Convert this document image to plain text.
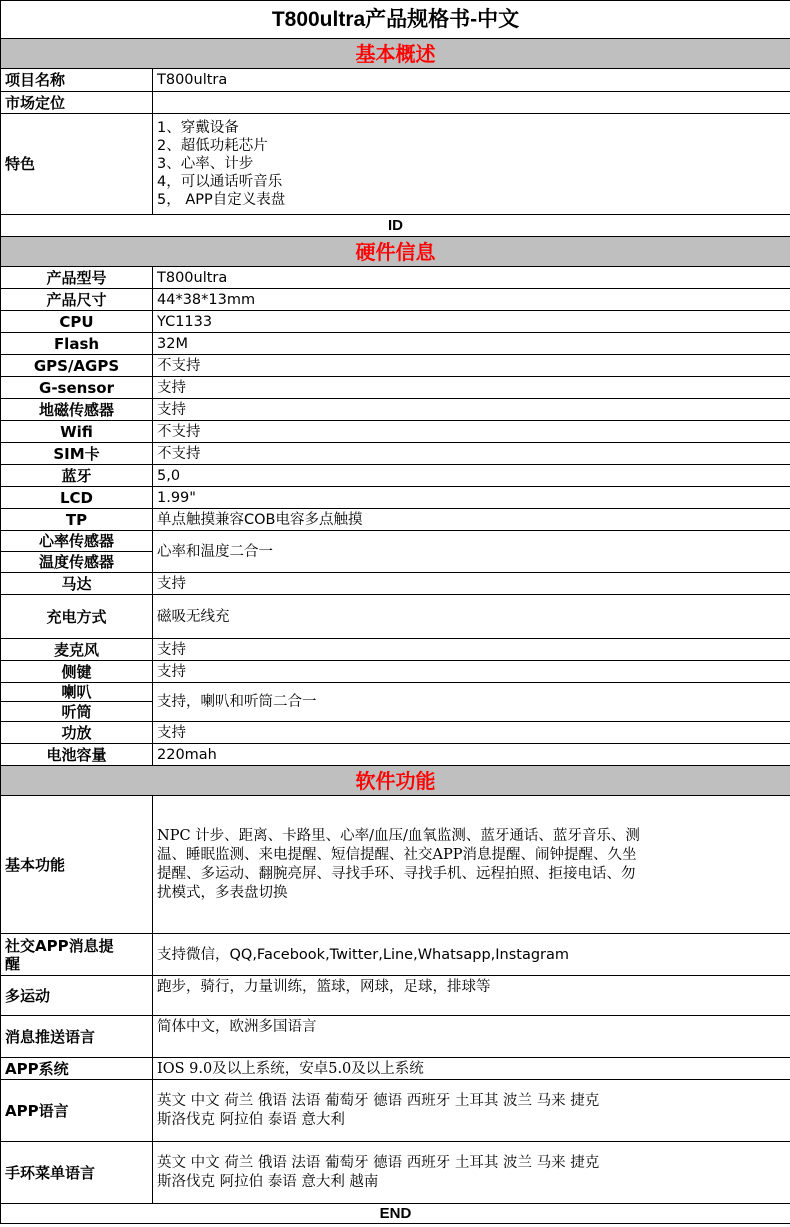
T800ultra产品规格书-中文	
基本概述	
项目名称	T800ultra
市场定位	
特色	1、穿戴设备
2、超低功耗芯片
3、心率、计步
4，可以通话听音乐
5， APP自定义表盘

ID	
硬件信息	
产品型号	T800ultra
产品尺寸	44*38*13mm
CPU	YC1133
Flash	32M
GPS/AGPS	不支持
G-sensor	支持
地磁传感器	支持
Wifi	不支持
SIM卡	不支持
蓝牙	5,0
LCD	1.99"
TP	单点触摸兼容COB电容多点触摸
心率传感器	心率和温度二合一
温度传感器	
马达	支持
充电方式	磁吸无线充
麦克风	支持
侧键	支持
喇叭	支持，喇叭和听筒二合一
听筒	
功放	支持
电池容量	220mah
软件功能	
基本功能	NPC 计步、距离、卡路里、心率/血压/血氧监测、蓝牙通话、蓝牙音乐、测
温、睡眠监测、来电提醒、短信提醒、社交APP消息提醒、闹钟提醒、久坐
提醒、多运动、翻腕亮屏、寻找手环、寻找手机、远程拍照、拒接电话、勿
扰模式，多表盘切换

社交APP消息提
醒	支持微信，QQ,Facebook,Twitter,Line,Whatsapp,Instagram
多运动	跑步，骑行，力量训练，篮球，网球，足球，排球等
消息推送语言	简体中文，欧洲多国语言
APP系统	IOS 9.0及以上系统，安卓5.0及以上系统
APP语言	英文 中文 荷兰 俄语 法语 葡萄牙 德语 西班牙 土耳其 波兰 马来 捷克
斯洛伐克 阿拉伯 泰语 意大利

手环菜单语言	英文 中文 荷兰 俄语 法语 葡萄牙 德语 西班牙 土耳其 波兰 马来 捷克
斯洛伐克 阿拉伯 泰语 意大利 越南

END	
